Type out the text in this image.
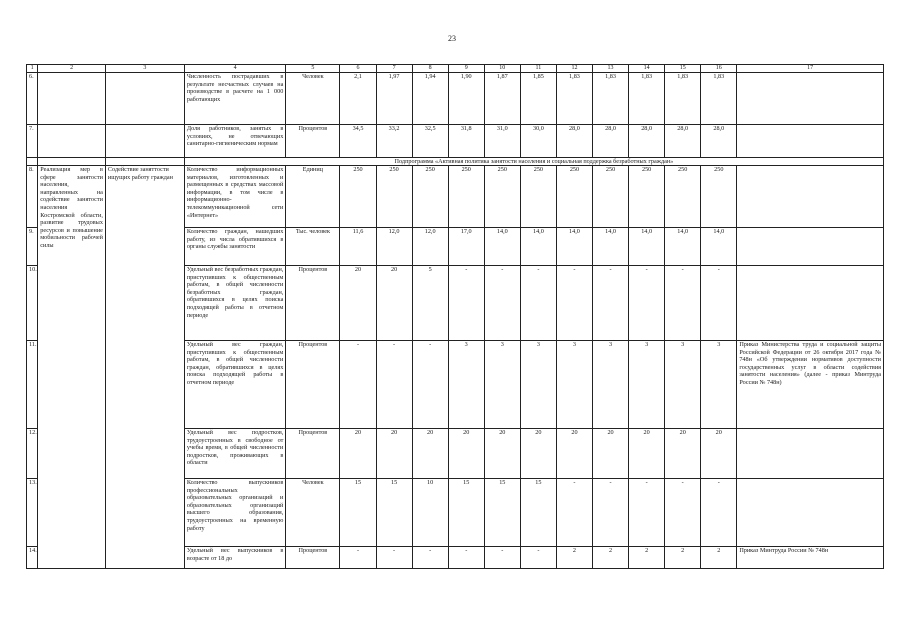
23
1	2	3	4	5	6	7	8	9	10	11	12	13	14	15	16	17
6.			Численность пострадавших в результате несчастных случаев на производстве в расчете на 1 000 работающих	Человек	2,1	1,97	1,94	1,90	1,87	1,85	1,83	1,83	1,83	1,83	1,83	
7.			Доля работников, занятых в условиях, не отвечающих санитарно-гигиеническим нормам	Процентов	34,5	33,2	32,5	31,8	31,0	30,0	28,0	28,0	28,0	28,0	28,0	
			Подпрограмма «Активная политика занятости населения и социальная поддержка безработных граждан»													
8.	Реализация мер в сфере занятости населения, направленных на содействие занятости населения Костромской области, развитие трудовых ресурсов и повышение мобильности рабочей силы	Содействие заняттости ищущих работу граждан	Количество информационных материалов, изготовленных и размещенных в средствах массовой информации, в том числе в информационно-телекоммуникационной сети «Интернет»	Единиц	250	250	250	250	250	250	250	250	250	250	250	
9.			Количество граждан, нашедших работу, из числа обратившихся в органы службы занятости	Тыс. человек	11,6	12,0	12,0	17,0	14,0	14,0	14,0	14,0	14,0	14,0	14,0	
10.			Удельный вес безработных граждан, приступивших к общественным работам, в общей численности безработных граждан, обратившихся в целях поиска подходящей работы в отчетном периоде	Процентов	20	20	5	-	-	-	-	-	-	-	-	
11.			Удельный вес граждан, приступивших к общественным работам, в общей численности граждан, обратившихся в целях поиска подходящей работы в отчетном периоде	Процентов	-	-	-	3	3	3	3	3	3	3	3	Приказ Министерства труда и социальной защиты Российской Федерации от 26 октября 2017 года № 748н «Об утверждении нормативов доступности государственных услуг в области содействия занятости населения» (далее - приказ Минтруда России № 748н)
12.			Удельный вес подростков, трудоустроенных в свободное от учебы время, в общей численности подростков, проживающих в области	Процентов	20	20	20	20	20	20	20	20	20	20	20	
13.			Количество выпускников профессиональных образовательных организаций и образовательных организаций высшего образования, трудоустроенных на временную работу	Человек	15	15	10	15	15	15	-	-	-	-	-	
14.			Удельный вес выпускников в возрасте от 18 до	Процентов	-	-	-	-	-	-	2	2	2	2	2	Приказ Минтруда России № 748н
